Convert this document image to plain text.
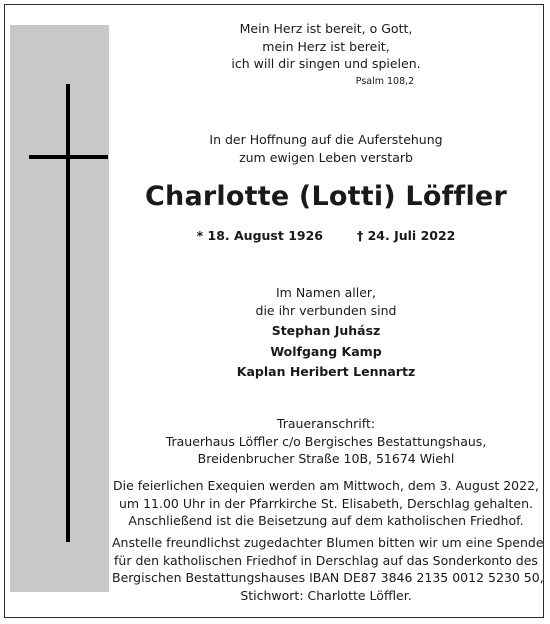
Mein Herz ist bereit, o Gott,
mein Herz ist bereit,
ich will dir singen und spielen.
Psalm 108,2
In der Hoffnung auf die Auferstehung
zum ewigen Leben verstarb
Charlotte (Lotti) Löffler
* 18. August 1926	† 24. Juli 2022
Im Namen aller,
die ihr verbunden sind
Stephan Juhász
Wolfgang Kamp
Kaplan Heribert Lennartz
Traueranschrift:
Trauerhaus Löffler c/o Bergisches Bestattungshaus,
Breidenbrucher Straße 10B, 51674 Wiehl
Die feierlichen Exequien werden am Mittwoch, dem 3. August 2022,
um 11.00 Uhr in der Pfarrkirche St. Elisabeth, Derschlag gehalten.
Anschließend ist die Beisetzung auf dem katholischen Friedhof.
Anstelle freundlichst zugedachter Blumen bitten wir um eine Spende
für den katholischen Friedhof in Derschlag auf das Sonderkonto des
Bergischen Bestattungshauses IBAN DE87 3846 2135 0012 5230 50,
Stichwort: Charlotte Löffler.
